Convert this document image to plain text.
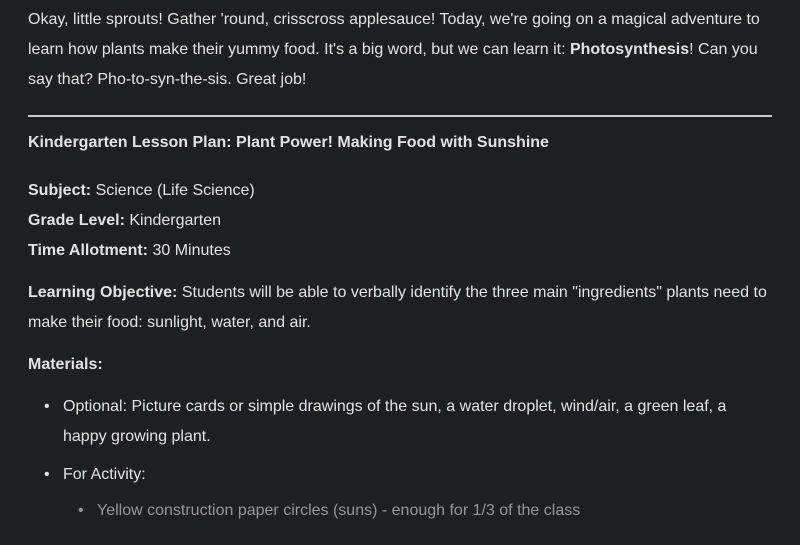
Okay, little sprouts! Gather 'round, crisscross applesauce! Today, we're going on a magical adventure to learn how plants make their yummy food. It's a big word, but we can learn it: Photosynthesis! Can you say that? Pho-to-syn-the-sis. Great job!

Kindergarten Lesson Plan: Plant Power! Making Food with Sunshine
Subject: Science (Life Science)
Grade Level: Kindergarten
Time Allotment: 30 Minutes

Learning Objective: Students will be able to verbally identify the three main "ingredients" plants need to make their food: sunlight, water, and air.

Materials:

• Optional: Picture cards or simple drawings of the sun, a water droplet, wind/air, a green leaf, a happy growing plant.
• For Activity:
• Yellow construction paper circles (suns) - enough for 1/3 of the class
